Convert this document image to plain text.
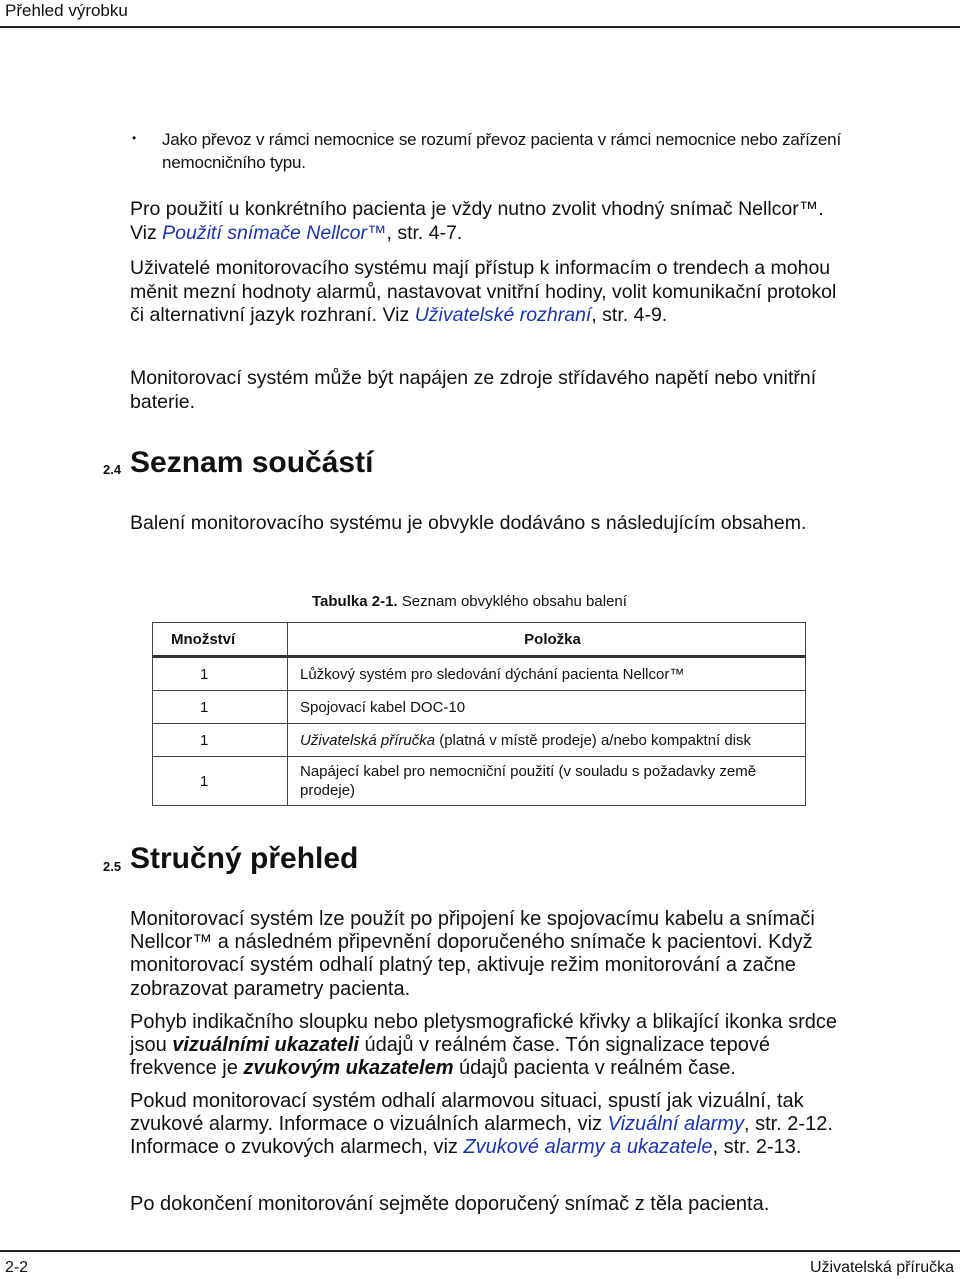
Přehled výrobku
• Jako převoz v rámci nemocnice se rozumí převoz pacienta v rámci nemocnice nebo zařízení nemocničního typu.
Pro použití u konkrétního pacienta je vždy nutno zvolit vhodný snímač Nellcor™. Viz Použití snímače Nellcor™, str. 4-7.
Uživatelé monitorovacího systému mají přístup k informacím o trendech a mohou měnit mezní hodnoty alarmů, nastavovat vnitřní hodiny, volit komunikační protokol či alternativní jazyk rozhraní. Viz Uživatelské rozhraní, str. 4-9.
Monitorovací systém může být napájen ze zdroje střídavého napětí nebo vnitřní baterie.
2.4 Seznam součástí
Balení monitorovacího systému je obvykle dodáváno s následujícím obsahem.
Tabulka 2-1. Seznam obvyklého obsahu balení
Množství	Položka
1	Lůžkový systém pro sledování dýchání pacienta Nellcor™
1	Spojovací kabel DOC-10
1	Uživatelská příručka (platná v místě prodeje) a/nebo kompaktní disk
1	Napájecí kabel pro nemocniční použití (v souladu s požadavky země prodeje)
2.5 Stručný přehled
Monitorovací systém lze použít po připojení ke spojovacímu kabelu a snímači Nellcor™ a následném připevnění doporučeného snímače k pacientovi. Když monitorovací systém odhalí platný tep, aktivuje režim monitorování a začne zobrazovat parametry pacienta.
Pohyb indikačního sloupku nebo pletysmografické křivky a blikající ikonka srdce jsou vizuálními ukazateli údajů v reálném čase. Tón signalizace tepové frekvence je zvukovým ukazatelem údajů pacienta v reálném čase.
Pokud monitorovací systém odhalí alarmovou situaci, spustí jak vizuální, tak zvukové alarmy. Informace o vizuálních alarmech, viz Vizuální alarmy, str. 2-12. Informace o zvukových alarmech, viz Zvukové alarmy a ukazatele, str. 2-13.
Po dokončení monitorování sejměte doporučený snímač z těla pacienta.
2-2	Uživatelská příručka
